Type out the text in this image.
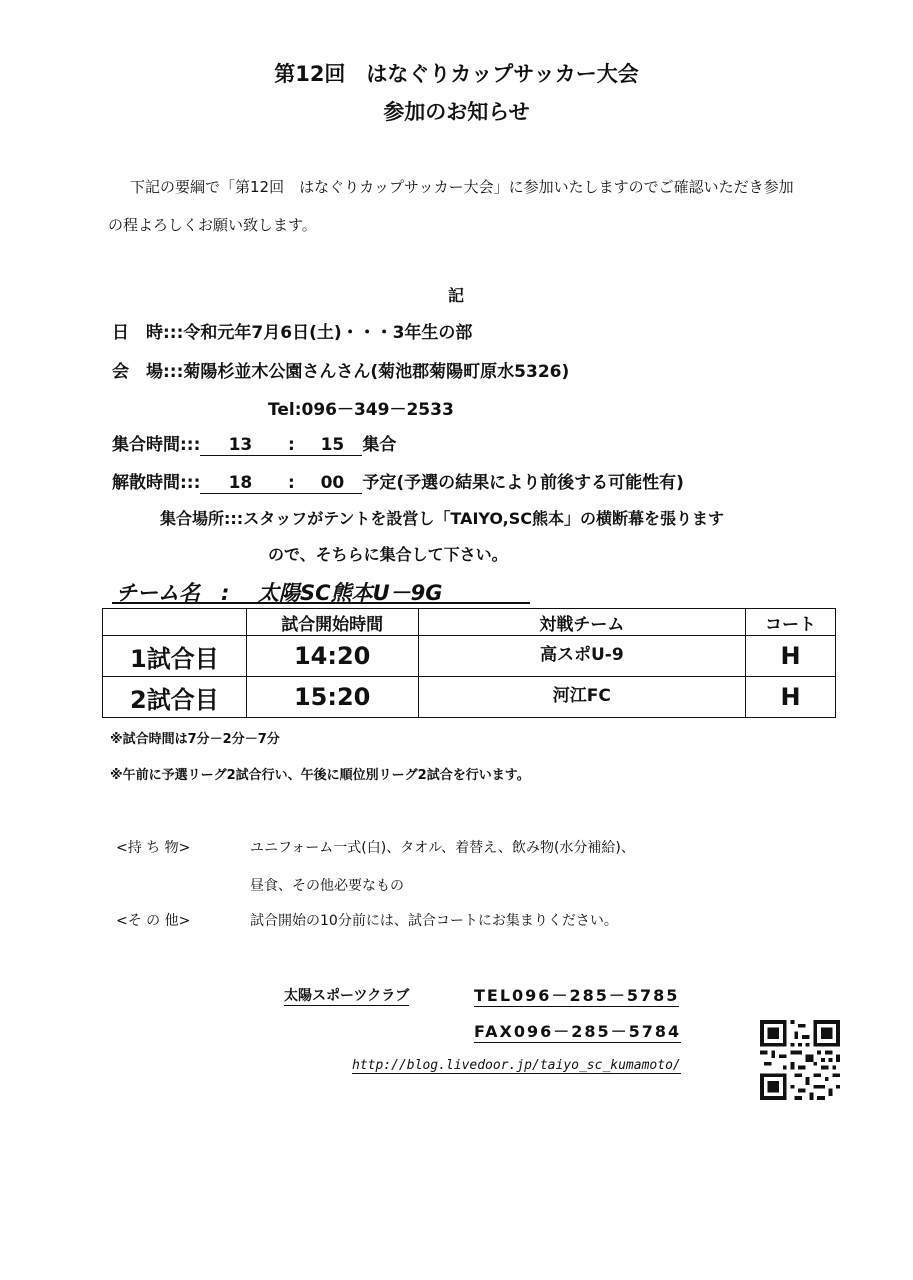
第12回　はなぐりカップサッカー大会
参加のお知らせ
下記の要綱で「第12回　はなぐりカップサッカー大会」に参加いたしますのでご確認いただき参加の程よろしくお願い致します。
記
日　時:::令和元年7月6日(土)・・・3年生の部
会　場:::菊陽杉並木公園さんさん(菊池郡菊陽町原水5326)
Tel:096－349－2533
集合時間::: 13 : 15 集合
解散時間::: 18 : 00 予定(予選の結果により前後する可能性有)
集合場所:::スタッフがテントを設営し「TAIYO,SC熊本」の横断幕を張ります
ので、そちらに集合して下さい。
チーム名　: 太陽SC熊本U－9G
	試合開始時間	対戦チーム	コート
1試合目	14:20	高スポU-9	H
2試合目	15:20	河江FC	H
※試合時間は7分－2分－7分
※午前に予選リーグ2試合行い、午後に順位別リーグ2試合を行います。
<持 ち 物>	ユニフォーム一式(白)、タオル、着替え、飲み物(水分補給)、
昼食、その他必要なもの
<そ の 他>	試合開始の10分前には、試合コートにお集まりください。
太陽スポーツクラブ	TEL096－285－5785
FAX096－285－5784
http://blog.livedoor.jp/taiyo_sc_kumamoto/
